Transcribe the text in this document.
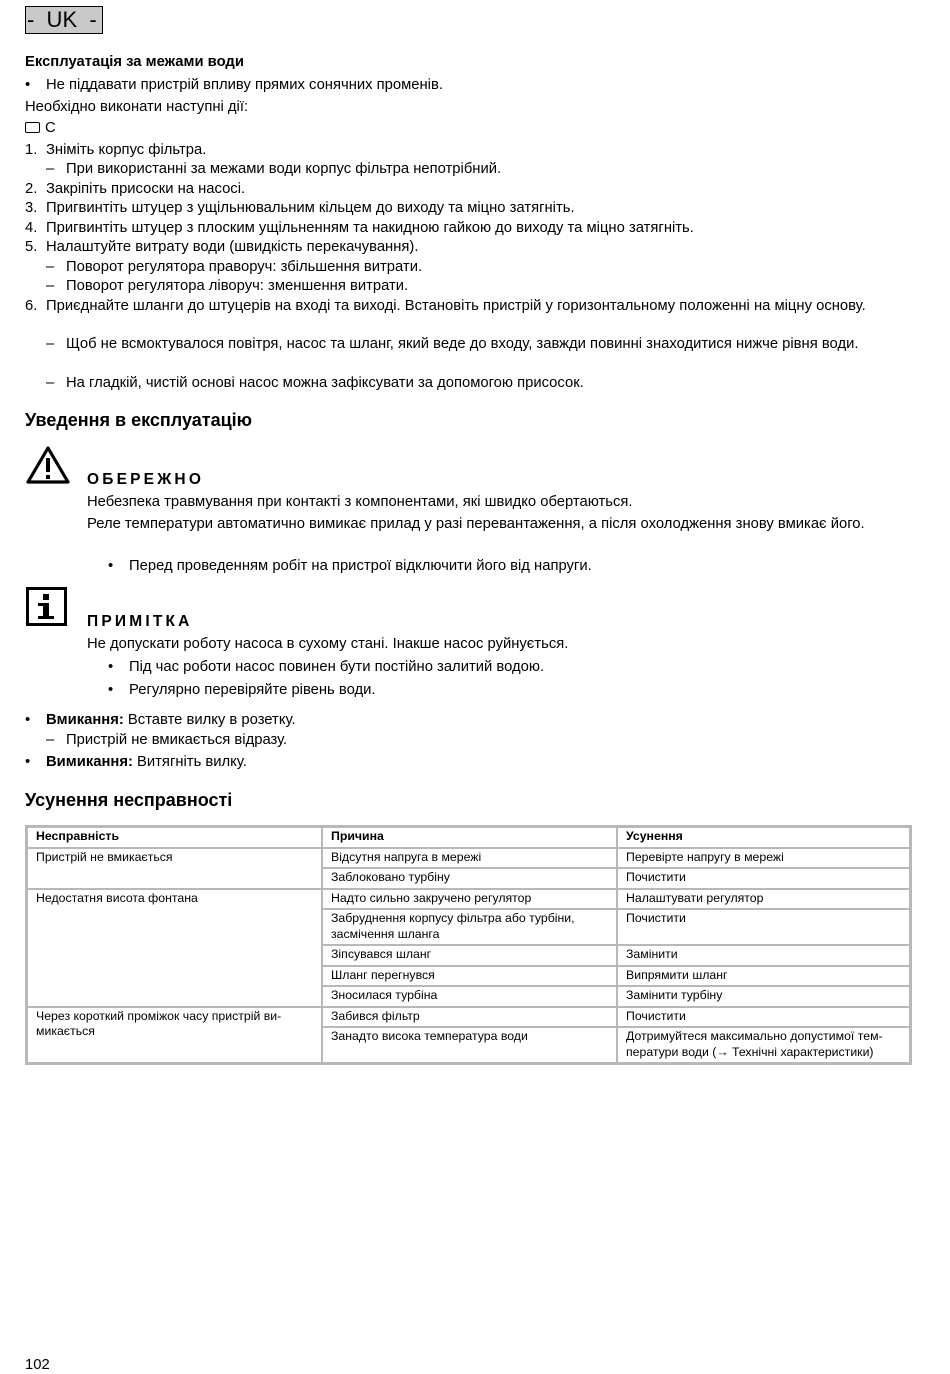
-  UK  -
Експлуатація за межами води
• Не піддавати пристрій впливу прямих сонячних променів.
Необхідно виконати наступні дії:
C
1. Зніміть корпус фільтра.
– При використанні за межами води корпус фільтра непотрібний.
2. Закріпіть присоски на насосі.
3. Пригвинтіть штуцер з ущільнювальним кільцем до виходу та міцно затягніть.
4. Пригвинтіть штуцер з плоским ущільненням та накидною гайкою до виходу та міцно затягніть.
5. Налаштуйте витрату води (швидкість перекачування).
– Поворот регулятора праворуч: збільшення витрати.
– Поворот регулятора ліворуч: зменшення витрати.
6. Приєднайте шланги до штуцерів на вході та виході. Встановіть пристрій у горизонтальному положенні на міцну основу.
– Щоб не всмоктувалося повітря, насос та шланг, який веде до входу, завжди повинні знаходитися нижче рівня води.
– На гладкій, чистій основі насос можна зафіксувати за допомогою присосок.
Уведення в експлуатацію
ОБЕРЕЖНО
Небезпека травмування при контакті з компонентами, які швидко обертаються.
Реле температури автоматично вимикає прилад у разі перевантаження, а після охолодження знову вмикає його.
• Перед проведенням робіт на пристрої відключити його від напруги.
ПРИМІТКА
Не допускати роботу насоса в сухому стані. Інакше насос руйнується.
• Під час роботи насос повинен бути постійно залитий водою.
• Регулярно перевіряйте рівень води.
• Вмикання: Вставте вилку в розетку.
– Пристрій не вмикається відразу.
• Вимикання: Витягніть вилку.
Усунення несправності
Несправність	Причина	Усунення
Пристрій не вмикається	Відсутня напруга в мережі	Перевірте напругу в мережі
	Заблоковано турбіну	Почистити
Недостатня висота фонтана	Надто сильно закручено регулятор	Налаштувати регулятор
	Забруднення корпусу фільтра або турбіни, засмічення шланга	Почистити
	Зіпсувався шланг	Замінити
	Шланг перегнувся	Випрямити шланг
	Зносилася турбіна	Замінити турбіну
Через короткий проміжок часу пристрій ви-микається	Забився фільтр	Почистити
	Занадто висока температура води	Дотримуйтеся максимально допустимої тем-ператури води (→ Технічні характеристики)
102
